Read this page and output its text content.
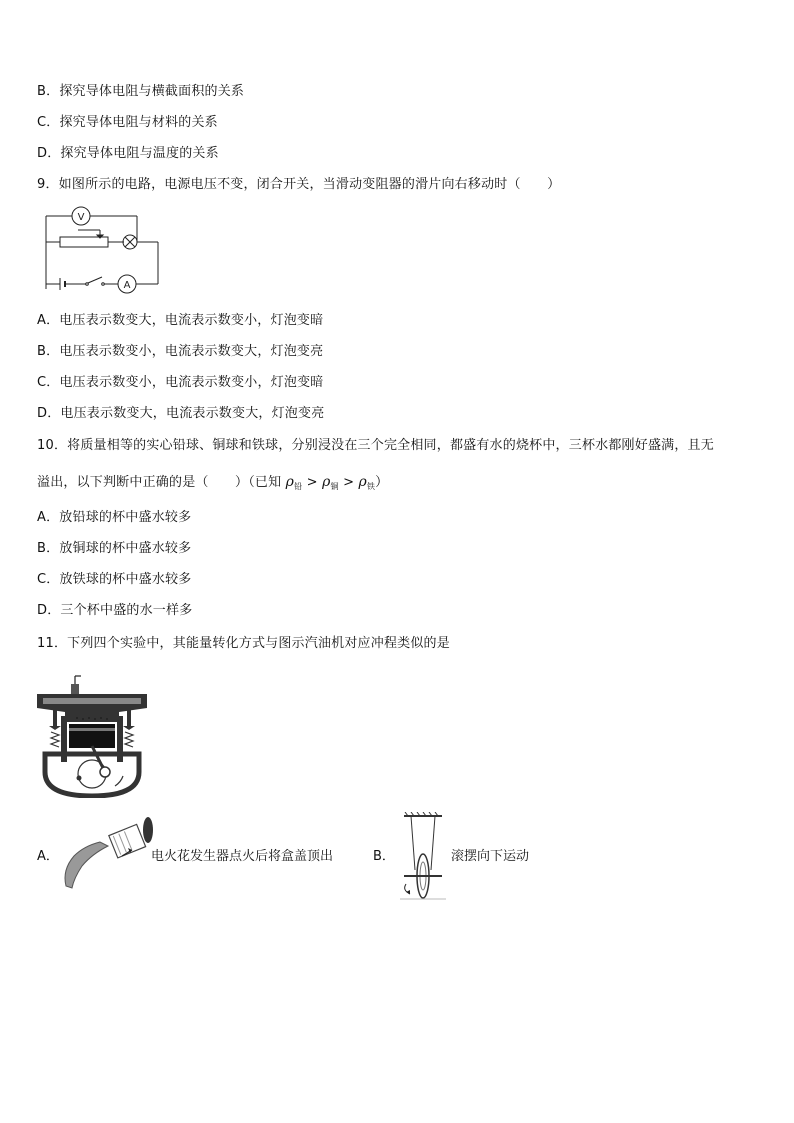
B．探究导体电阻与横截面积的关系
C．探究导体电阻与材料的关系
D．探究导体电阻与温度的关系
9．如图所示的电路，电源电压不变，闭合开关，当滑动变阻器的滑片向右移动时（　　）
V
A
A．电压表示数变大，电流表示数变小，灯泡变暗
B．电压表示数变小，电流表示数变大，灯泡变亮
C．电压表示数变小，电流表示数变小，灯泡变暗
D．电压表示数变大，电流表示数变大，灯泡变亮
10．将质量相等的实心铅球、铜球和铁球，分别浸没在三个完全相同，都盛有水的烧杯中，三杯水都刚好盛满，且无
溢出，以下判断中正确的是（　　）（已知 $\rho_铅 > \rho_铜 > \rho_铁$）
A．放铅球的杯中盛水较多
B．放铜球的杯中盛水较多
C．放铁球的杯中盛水较多
D．三个杯中盛的水一样多
11．下列四个实验中，其能量转化方式与图示汽油机对应冲程类似的是
A．	电火花发生器点火后将盒盖顶出	B．	滚摆向下运动
